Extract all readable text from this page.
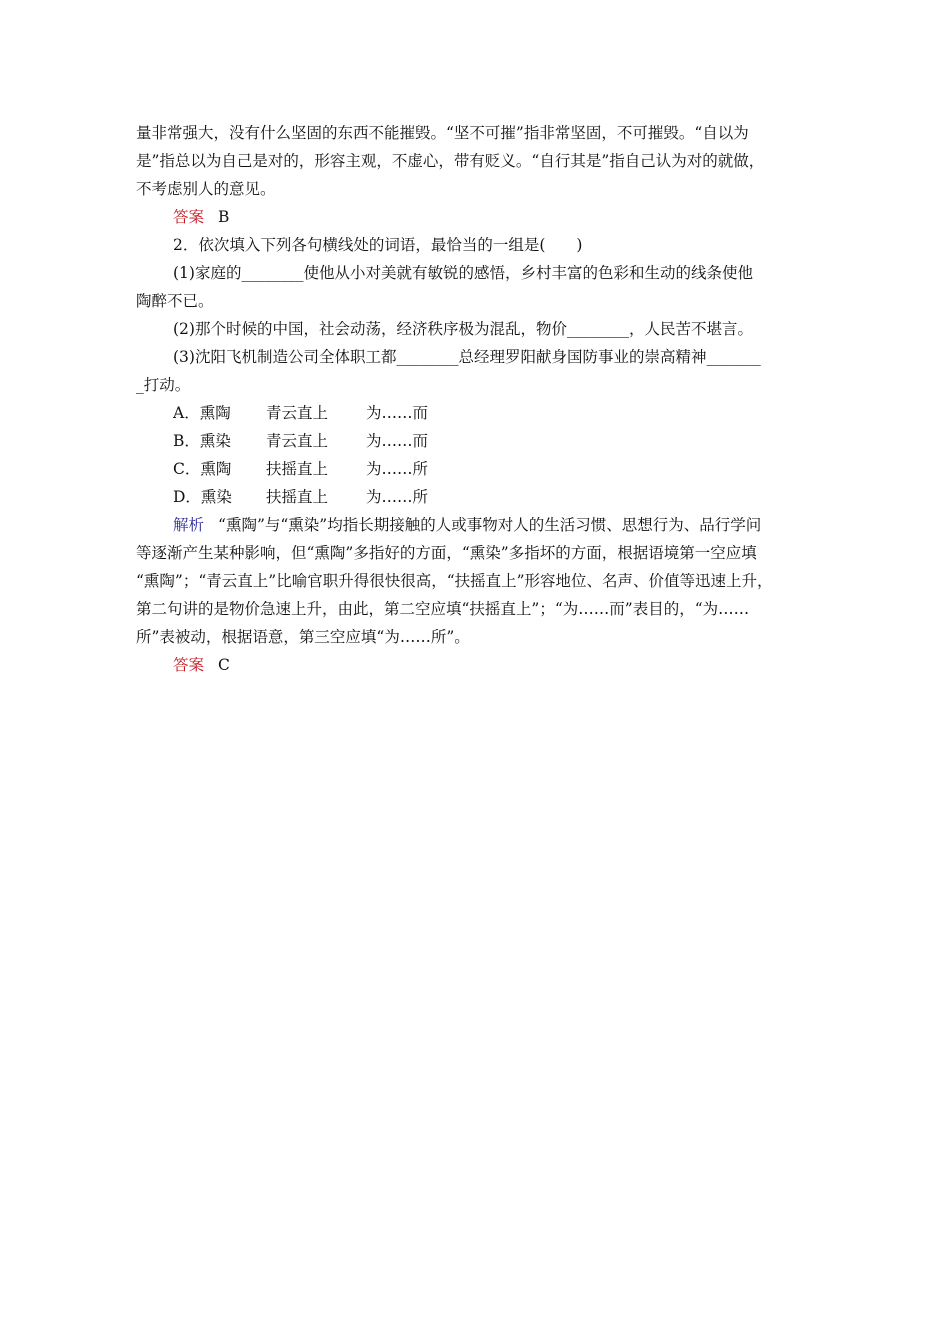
量非常强大，没有什么坚固的东西不能摧毁。“坚不可摧”指非常坚固，不可摧毁。“自以为

是”指总以为自己是对的，形容主观，不虚心，带有贬义。“自行其是”指自己认为对的就做，

不考虑别人的意见。

答案 B

2．依次填入下列各句横线处的词语，最恰当的一组是(　　)

(1)家庭的________使他从小对美就有敏锐的感悟，乡村丰富的色彩和生动的线条使他

陶醉不已。

(2)那个时候的中国，社会动荡，经济秩序极为混乱，物价________，人民苦不堪言。

(3)沈阳飞机制造公司全体职工都________总经理罗阳献身国防事业的崇高精神_______

_打动。

A．熏陶 青云直上 为……而

B．熏染 青云直上 为……而

C．熏陶 扶摇直上 为……所

D．熏染 扶摇直上 为……所

解析 “熏陶”与“熏染”均指长期接触的人或事物对人的生活习惯、思想行为、品行学问

等逐渐产生某种影响，但“熏陶”多指好的方面，“熏染”多指坏的方面，根据语境第一空应填

“熏陶”；“青云直上”比喻官职升得很快很高，“扶摇直上”形容地位、名声、价值等迅速上升，

第二句讲的是物价急速上升，由此，第二空应填“扶摇直上”；“为……而”表目的，“为……

所”表被动，根据语意，第三空应填“为……所”。

答案 C
